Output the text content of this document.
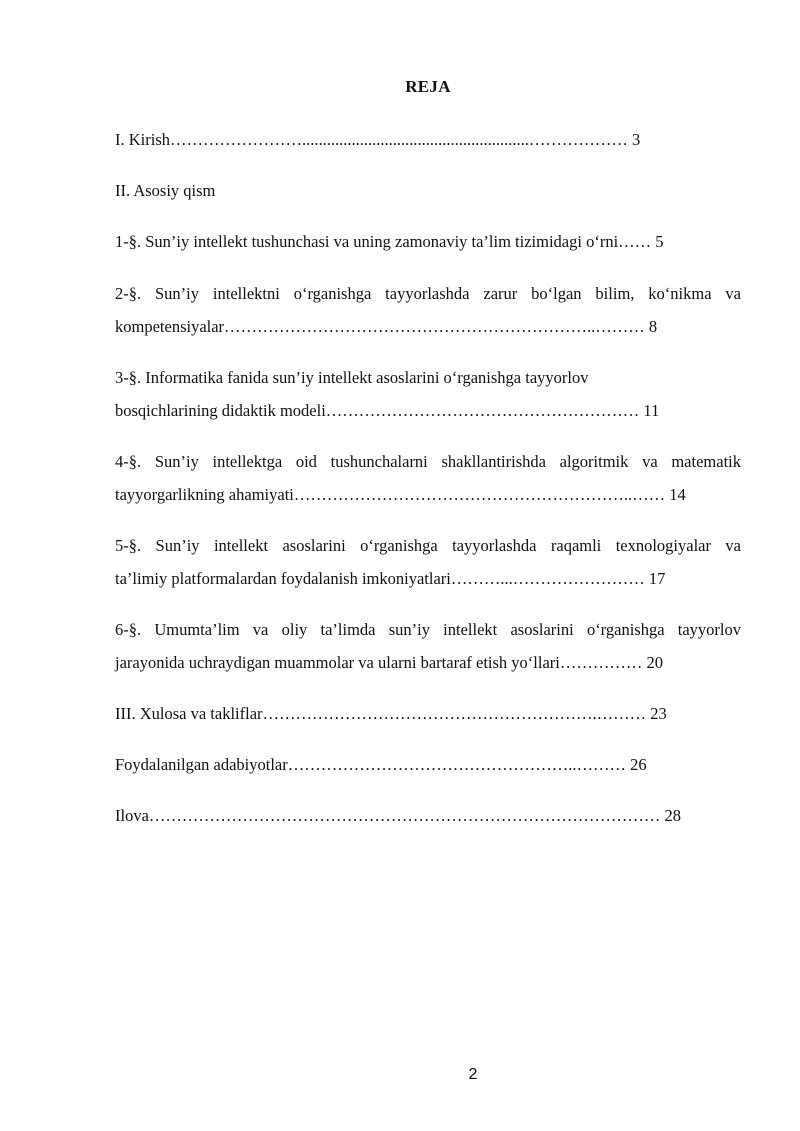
REJA
I. Kirish…………………….......................................................……………… 3
II. Asosiy qism
1-§. Sun’iy intellekt tushunchasi va uning zamonaviy ta’lim tizimidagi o‘rni…… 5
2-§. Sun’iy intellektni o‘rganishga tayyorlashda zarur bo‘lgan bilim, ko‘nikma va
kompetensiyalar…………………………………………………………..……… 8
3-§. Informatika fanida sun’iy intellekt asoslarini o‘rganishga tayyorlov
bosqichlarining didaktik modeli………………………………………………… 11
4-§. Sun’iy intellektga oid tushunchalarni shakllantirishda algoritmik va matematik
tayyorgarlikning ahamiyati……………………………………………………..…… 14
5-§. Sun’iy intellekt asoslarini o‘rganishga tayyorlashda raqamli texnologiyalar va
ta’limiy platformalardan foydalanish imkoniyatlari………...…………………… 17
6-§. Umumta’lim va oliy ta’limda sun’iy intellekt asoslarini o‘rganishga tayyorlov
jarayonida uchraydigan muammolar va ularni bartaraf etish yo‘llari…………… 20
III. Xulosa va takliflar…………………………………………………….……… 23
Foydalanilgan adabiyotlar……………………………………………..……… 26
Ilova………………………………………………………………………………… 28
2
